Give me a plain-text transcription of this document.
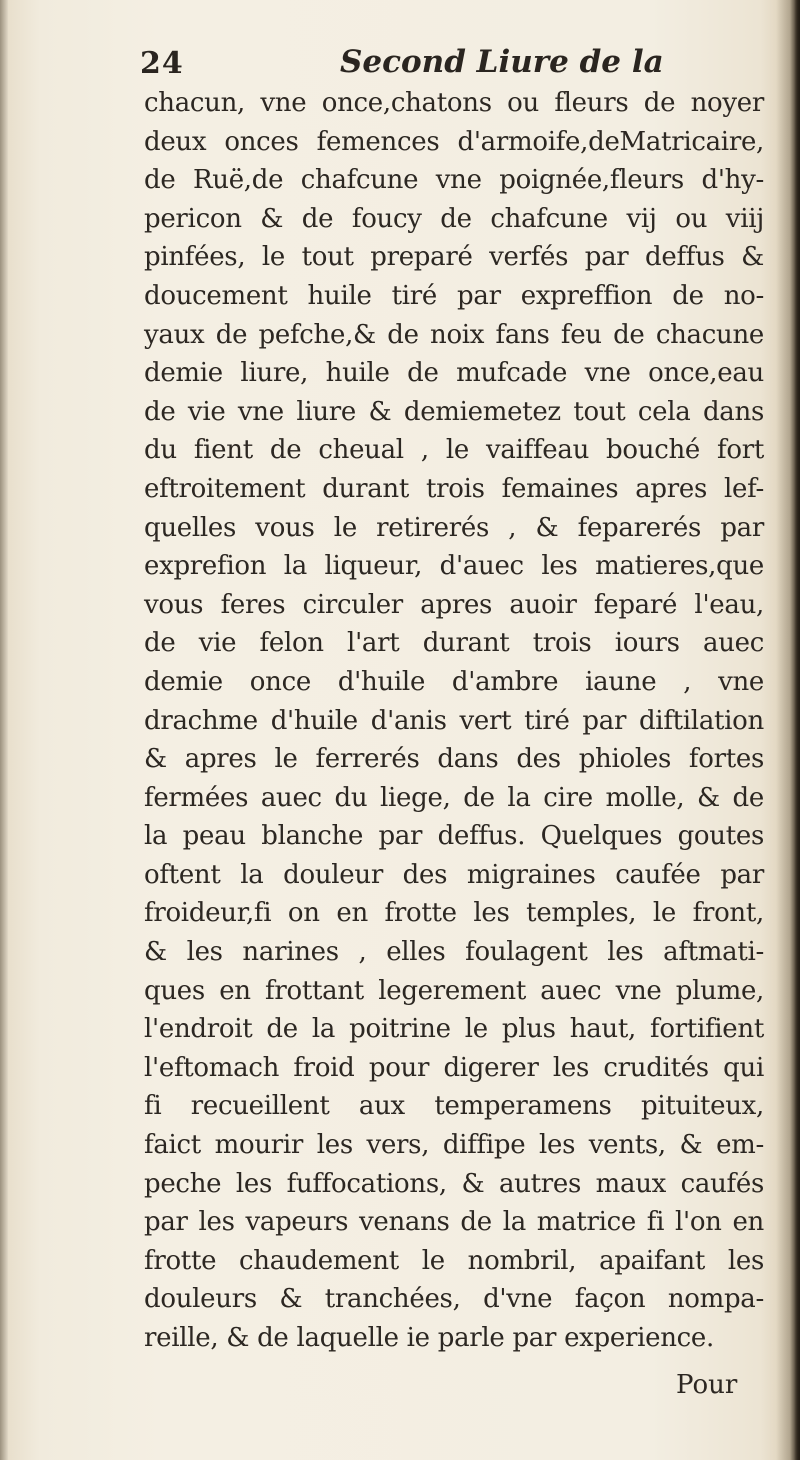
24	Second Liure de la
chacun, vne once,chatons ou fleurs de noyer
deux onces femences d'armoife,deMatricaire,
de Ruë,de chafcune vne poignée,fleurs d'hy-
pericon & de foucy de chafcune vij ou viij
pinfées, le tout preparé verfés par deffus &
doucement huile tiré par expreffion de no-
yaux de pefche,& de noix fans feu de chacune
demie liure, huile de mufcade vne once,eau
de vie vne liure & demiemetez tout cela dans
du fient de cheual , le vaiffeau bouché fort
eftroitement durant trois femaines apres lef-
quelles vous le retirerés , & feparerés par
exprefion la liqueur, d'auec les matieres,que
vous feres circuler apres auoir feparé l'eau,
de vie felon l'art durant trois iours auec
demie once d'huile d'ambre iaune , vne
drachme d'huile d'anis vert tiré par diftilation
& apres le ferrerés dans des phioles fortes
fermées auec du liege, de la cire molle, & de
la peau blanche par deffus. Quelques goutes
oftent la douleur des migraines caufée par
froideur,fi on en frotte les temples, le front,
& les narines , elles foulagent les aftmati-
ques en frottant legerement auec vne plume,
l'endroit de la poitrine le plus haut, fortifient
l'eftomach froid pour digerer les crudités qui
fi recueillent aux temperamens pituiteux,
faict mourir les vers, diffipe les vents, & em-
peche les fuffocations, & autres maux caufés
par les vapeurs venans de la matrice fi l'on en
frotte chaudement le nombril, apaifant les
douleurs & tranchées, d'vne façon nompa-
reille, & de laquelle ie parle par experience.
Pour
